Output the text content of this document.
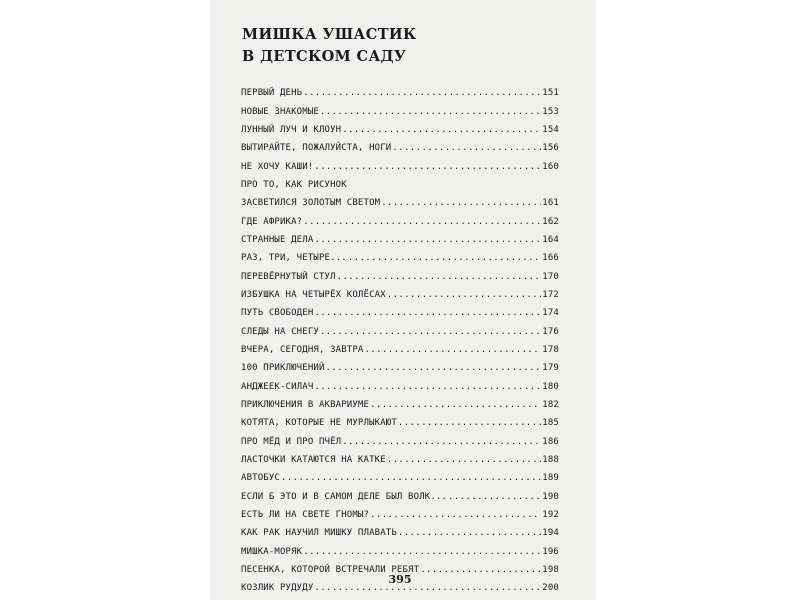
МИШКА УШАСТИК
В ДЕТСКОМ САДУ
ПЕРВЫЙ ДЕНЬ .....	151
НОВЫЕ ЗНАКОМЫЕ .....	153
ЛУННЫЙ ЛУЧ И КЛОУН .....	154
ВЫТИРАЙТЕ, ПОЖАЛУЙСТА, НОГИ .....	156
НЕ ХОЧУ КАШИ! .....	160
ПРО ТО, КАК РИСУНОК
ЗАСВЕТИЛСЯ ЗОЛОТЫМ СВЕТОМ .....	161
ГДЕ АФРИКА? .....	162
СТРАННЫЕ ДЕЛА .....	164
РАЗ, ТРИ, ЧЕТЫРЕ... .....	166
ПЕРЕВЁРНУТЫЙ СТУЛ .....	170
ИЗБУШКА НА ЧЕТЫРЁХ КОЛЁСАХ .....	172
ПУТЬ СВОБОДЕН .....	174
СЛЕДЫ НА СНЕГУ .....	176
ВЧЕРА, СЕГОДНЯ, ЗАВТРА .....	178
100 ПРИКЛЮЧЕНИЙ .....	179
АНДЖЕЕК-СИЛАЧ .....	180
ПРИКЛЮЧЕНИЯ В АКВАРИУМЕ .....	182
КОТЯТА, КОТОРЫЕ НЕ МУРЛЫКАЮТ .....	185
ПРО МЁД И ПРО ПЧЁЛ .....	186
ЛАСТОЧКИ КАТАЮТСЯ НА КАТКЕ .....	188
АВТОБУС .....	189
ЕСЛИ Б ЭТО И В САМОМ ДЕЛЕ БЫЛ ВОЛК... .....	190
ЕСТЬ ЛИ НА СВЕТЕ ГНОМЫ? .....	192
КАК РАК НАУЧИЛ МИШКУ ПЛАВАТЬ .....	194
МИШКА-МОРЯК .....	196
ПЕСЕНКА, КОТОРОЙ ВСТРЕЧАЛИ РЕБЯТ .....	198
КОЗЛИК РУДУДУ .....	200
395
